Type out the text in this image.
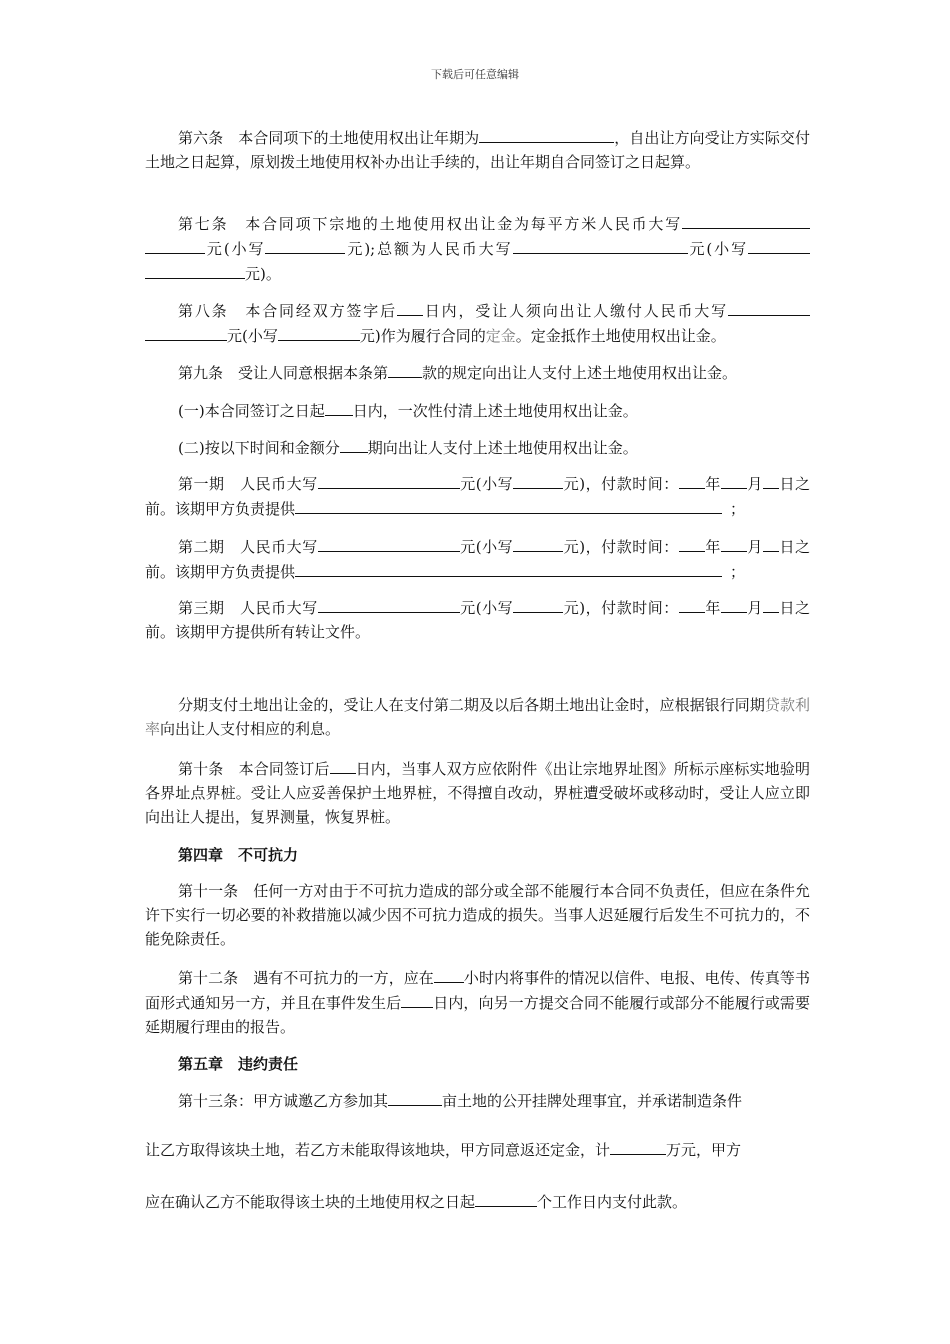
下载后可任意编辑
第六条　本合同项下的土地使用权出让年期为	，自出让方向受让方实际交付土地之日起算，原划拨土地使用权补办出让手续的，出让年期自合同签订之日起算。
第七条　本合同项下宗地的土地使用权出让金为每平方米人民币大写元(小写	元);总额为人民币大写	元(小写元)。
第八条　本合同经双方签字后 日内，受让人须向出让人缴付人民币大写元(小写	元)作为履行合同的定金。定金抵作土地使用权出让金。
第九条　受让人同意根据本条第 款的规定向出让人支付上述土地使用权出让金。
(一)本合同签订之日起 日内，一次性付清上述土地使用权出让金。
(二)按以下时间和金额分 期向出让人支付上述土地使用权出让金。
第一期　人民币大写	元(小写	元)，付款时间： 年 月 日之前。该期甲方负责提供	；
第二期　人民币大写	元(小写	元)，付款时间： 年 月 日之前。该期甲方负责提供	；
第三期　人民币大写	元(小写	元)，付款时间： 年 月 日之前。该期甲方提供所有转让文件。
分期支付土地出让金的，受让人在支付第二期及以后各期土地出让金时，应根据银行同期贷款利率向出让人支付相应的利息。
第十条　本合同签订后 日内，当事人双方应依附件《出让宗地界址图》所标示座标实地验明各界址点界桩。受让人应妥善保护土地界桩，不得擅自改动，界桩遭受破坏或移动时，受让人应立即向出让人提出，复界测量，恢复界桩。
第四章　不可抗力
第十一条　任何一方对由于不可抗力造成的部分或全部不能履行本合同不负责任，但应在条件允许下实行一切必要的补救措施以减少因不可抗力造成的损失。当事人迟延履行后发生不可抗力的，不能免除责任。
第十二条　遇有不可抗力的一方，应在 小时内将事件的情况以信件、电报、电传、传真等书面形式通知另一方，并且在事件发生后 日内，向另一方提交合同不能履行或部分不能履行或需要延期履行理由的报告。
第五章　违约责任
第十三条：甲方诚邀乙方参加其	亩土地的公开挂牌处理事宜，并承诺制造条件
让乙方取得该块土地，若乙方未能取得该地块，甲方同意返还定金，计	万元，甲方
应在确认乙方不能取得该土块的土地使用权之日起	个工作日内支付此款。
